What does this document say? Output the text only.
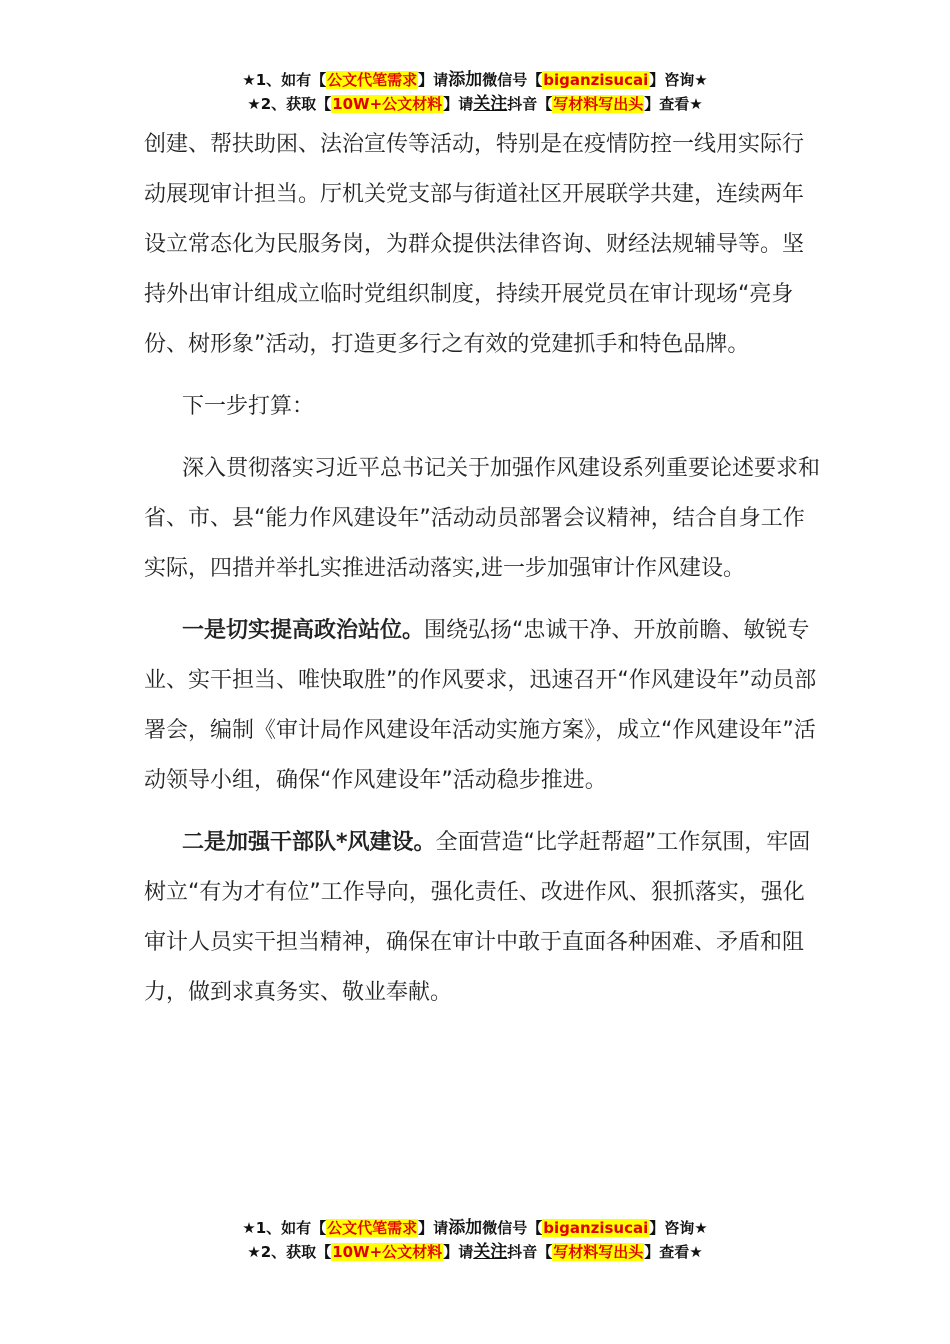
★1、如有【公文代笔需求】请添加微信号【biganzisucai】咨询★
★2、获取【10W+公文材料】请关注抖音【写材料写出头】查看★

创建、帮扶助困、法治宣传等活动，特别是在疫情防控一线用实际行动展现审计担当。厅机关党支部与街道社区开展联学共建，连续两年设立常态化为民服务岗，为群众提供法律咨询、财经法规辅导等。坚持外出审计组成立临时党组织制度，持续开展党员在审计现场“亮身份、树形象”活动，打造更多行之有效的党建抓手和特色品牌。

下一步打算：

深入贯彻落实习近平总书记关于加强作风建设系列重要论述要求和省、市、县“能力作风建设年”活动动员部署会议精神，结合自身工作实际，四措并举扎实推进活动落实,进一步加强审计作风建设。

一是切实提高政治站位。围绕弘扬“忠诚干净、开放前瞻、敏锐专业、实干担当、唯快取胜”的作风要求，迅速召开“作风建设年”动员部署会，编制《审计局作风建设年活动实施方案》，成立“作风建设年”活动领导小组，确保“作风建设年”活动稳步推进。

二是加强干部队*风建设。全面营造“比学赶帮超”工作氛围，牢固树立“有为才有位”工作导向，强化责任、改进作风、狠抓落实，强化审计人员实干担当精神，确保在审计中敢于直面各种困难、矛盾和阻力，做到求真务实、敬业奉献。

★1、如有【公文代笔需求】请添加微信号【biganzisucai】咨询★
★2、获取【10W+公文材料】请关注抖音【写材料写出头】查看★
